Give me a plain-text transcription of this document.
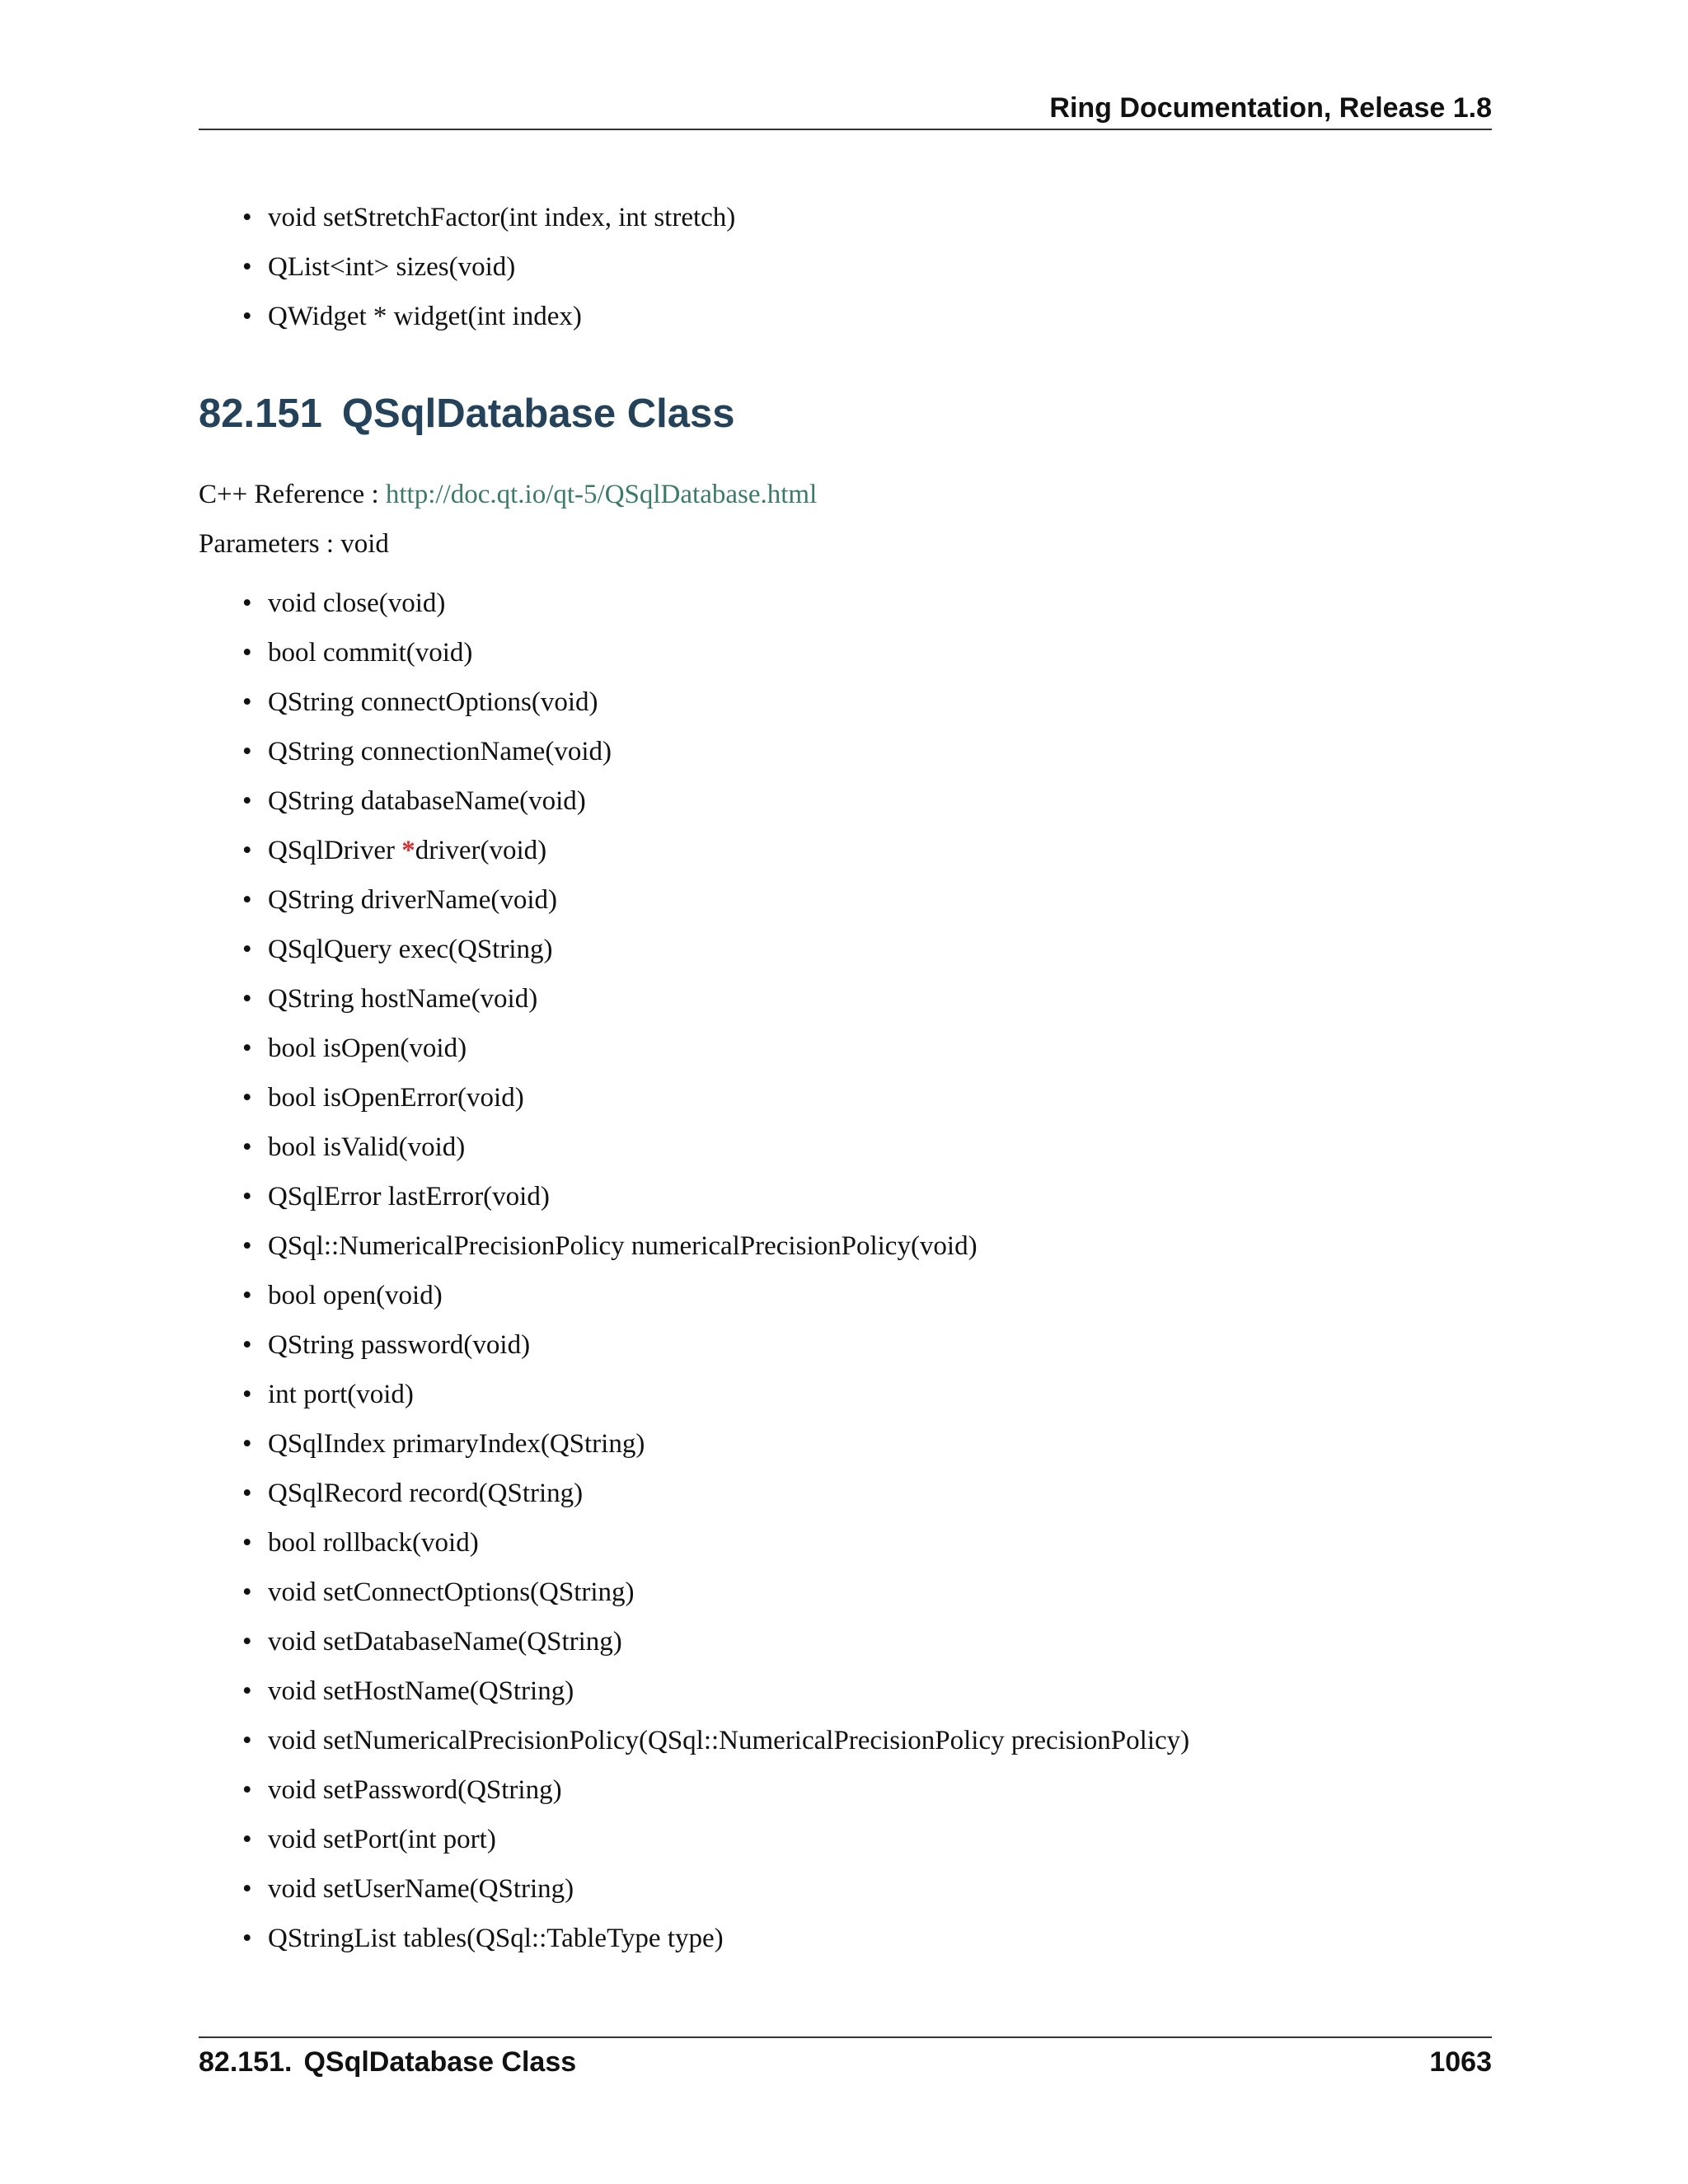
Ring Documentation, Release 1.8
• void setStretchFactor(int index, int stretch)
• QList<int> sizes(void)
• QWidget * widget(int index)
82.151 QSqlDatabase Class
C++ Reference : http://doc.qt.io/qt-5/QSqlDatabase.html
Parameters : void
• void close(void)
• bool commit(void)
• QString connectOptions(void)
• QString connectionName(void)
• QString databaseName(void)
• QSqlDriver *driver(void)
• QString driverName(void)
• QSqlQuery exec(QString)
• QString hostName(void)
• bool isOpen(void)
• bool isOpenError(void)
• bool isValid(void)
• QSqlError lastError(void)
• QSql::NumericalPrecisionPolicy numericalPrecisionPolicy(void)
• bool open(void)
• QString password(void)
• int port(void)
• QSqlIndex primaryIndex(QString)
• QSqlRecord record(QString)
• bool rollback(void)
• void setConnectOptions(QString)
• void setDatabaseName(QString)
• void setHostName(QString)
• void setNumericalPrecisionPolicy(QSql::NumericalPrecisionPolicy precisionPolicy)
• void setPassword(QString)
• void setPort(int port)
• void setUserName(QString)
• QStringList tables(QSql::TableType type)
82.151. QSqlDatabase Class	1063
